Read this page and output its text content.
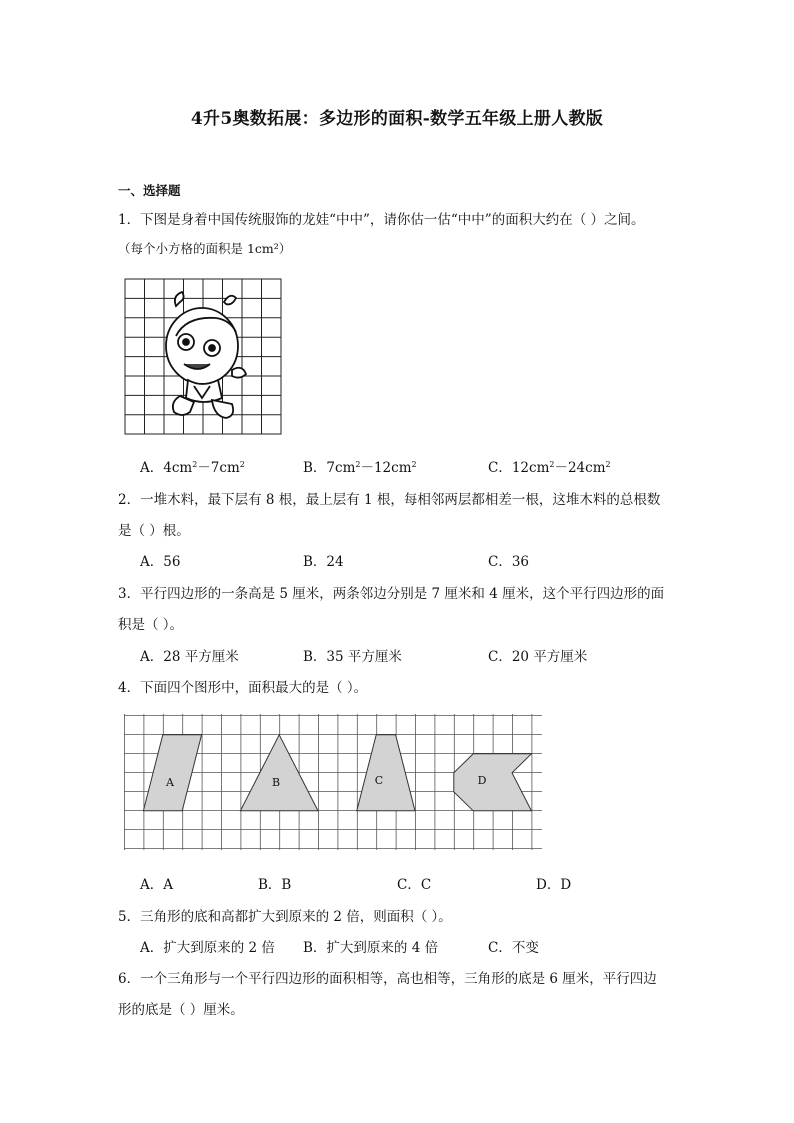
4升5奥数拓展：多边形的面积-数学五年级上册人教版
一、选择题
1．下图是身着中国传统服饰的龙娃“中中”，请你估一估“中中”的面积大约在（ ）之间。
（每个小方格的面积是 1cm²）
A．$4cm^2-7cm^2$	B．$7cm^2-12cm^2$	C．$12cm^2-24cm^2$
2．一堆木料，最下层有 8 根，最上层有 1 根，每相邻两层都相差一根，这堆木料的总根数
是（ ）根。
A．56	B．24	C．36
3．平行四边形的一条高是 5 厘米，两条邻边分别是 7 厘米和 4 厘米，这个平行四边形的面
积是（ ）。
A．28 平方厘米	B．35 平方厘米	C．20 平方厘米
4．下面四个图形中，面积最大的是（ ）。
A	B	C	D
A．A	B．B	C．C	D．D
5．三角形的底和高都扩大到原来的 2 倍，则面积（ ）。
A．扩大到原来的 2 倍 B．扩大到原来的 4 倍	C．不变
6．一个三角形与一个平行四边形的面积相等，高也相等，三角形的底是 6 厘米，平行四边
形的底是（ ）厘米。
